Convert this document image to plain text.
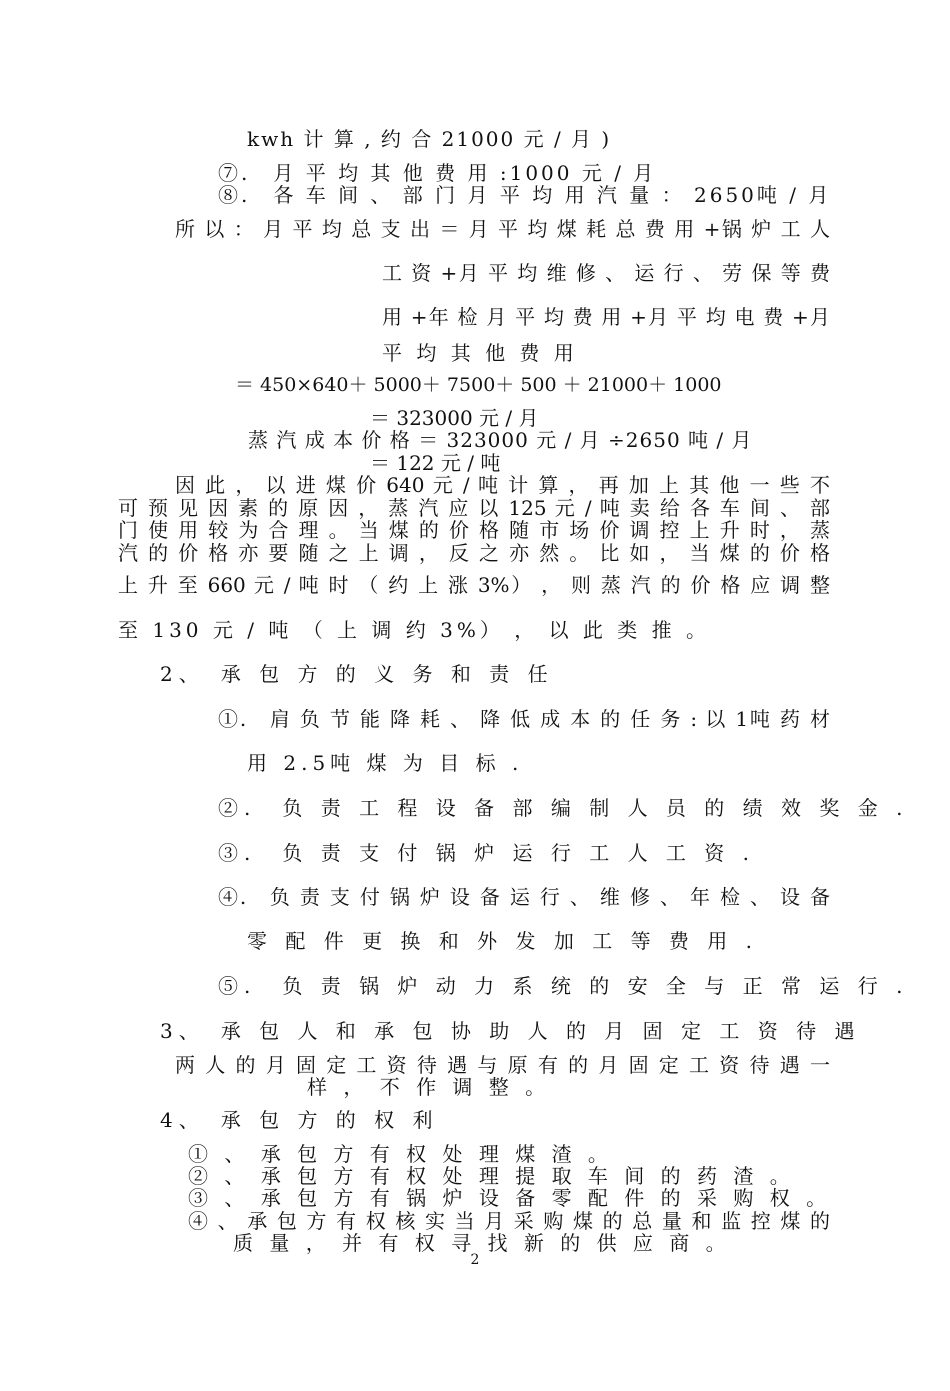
kwh 计 算 , 约 合 21000 元 / 月 )
⑦.　月 平 均 其 他 费 用 :1000 元 / 月
⑧.　各 车 间 、 部 门 月 平 均 用 汽 量 ： 2650吨 / 月
所 以 ： 月 平 均 总 支 出 ＝ 月 平 均 煤 耗 总 费 用 +锅 炉 工 人
工 资 +月 平 均 维 修 、 运 行 、 劳 保 等 费
用 +年 检 月 平 均 费 用 +月 平 均 电 费 +月
平 均 其 他 费 用
＝ 450×640＋ 5000＋ 7500＋ 500 ＋ 21000＋ 1000
＝ 323000 元 / 月
蒸 汽 成 本 价 格 ＝ 323000 元 / 月 ÷2650 吨 / 月
＝ 122 元 / 吨
因 此 ， 以 进 煤 价 640 元 / 吨 计 算 ， 再 加 上 其 他 一 些 不
可 预 见 因 素 的 原 因 ， 蒸 汽 应 以 125 元 / 吨 卖 给 各 车 间 、 部
门 使 用 较 为 合 理 。 当 煤 的 价 格 随 市 场 价 调 控 上 升 时 ， 蒸
汽 的 价 格 亦 要 随 之 上 调 ， 反 之 亦 然 。 比 如 ， 当 煤 的 价 格
上 升 至 660 元 / 吨 时 （ 约 上 涨 3%） ， 则 蒸 汽 的 价 格 应 调 整
至 130 元 / 吨 （ 上 调 约 3%） ， 以 此 类 推 。
2、　承 包 方 的 义 务 和 责 任
①.　肩 负 节 能 降 耗 、 降 低 成 本 的 任 务 : 以 1吨 药 材
用 2.5吨 煤 为 目 标 .
②.　负 责 工 程 设 备 部 编 制 人 员 的 绩 效 奖 金 .
③.　负 责 支 付 锅 炉 运 行 工 人 工 资 .
④.　负 责 支 付 锅 炉 设 备 运 行 、 维 修 、 年 检 、 设 备
零 配 件 更 换 和 外 发 加 工 等 费 用 .
⑤.　负 责 锅 炉 动 力 系 统 的 安 全 与 正 常 运 行 .
3、　承 包 人 和 承 包 协 助 人 的 月 固 定 工 资 待 遇
两 人 的 月 固 定 工 资 待 遇 与 原 有 的 月 固 定 工 资 待 遇 一
样 ， 不 作 调 整 。
4、　承 包 方 的 权 利
① 、 承 包 方 有 权 处 理 煤 渣 。
② 、 承 包 方 有 权 处 理 提 取 车 间 的 药 渣 。
③ 、 承 包 方 有 锅 炉 设 备 零 配 件 的 采 购 权 。
④ 、 承 包 方 有 权 核 实 当 月 采 购 煤 的 总 量 和 监 控 煤 的
质 量 ， 并 有 权 寻 找 新 的 供 应 商 。
2
